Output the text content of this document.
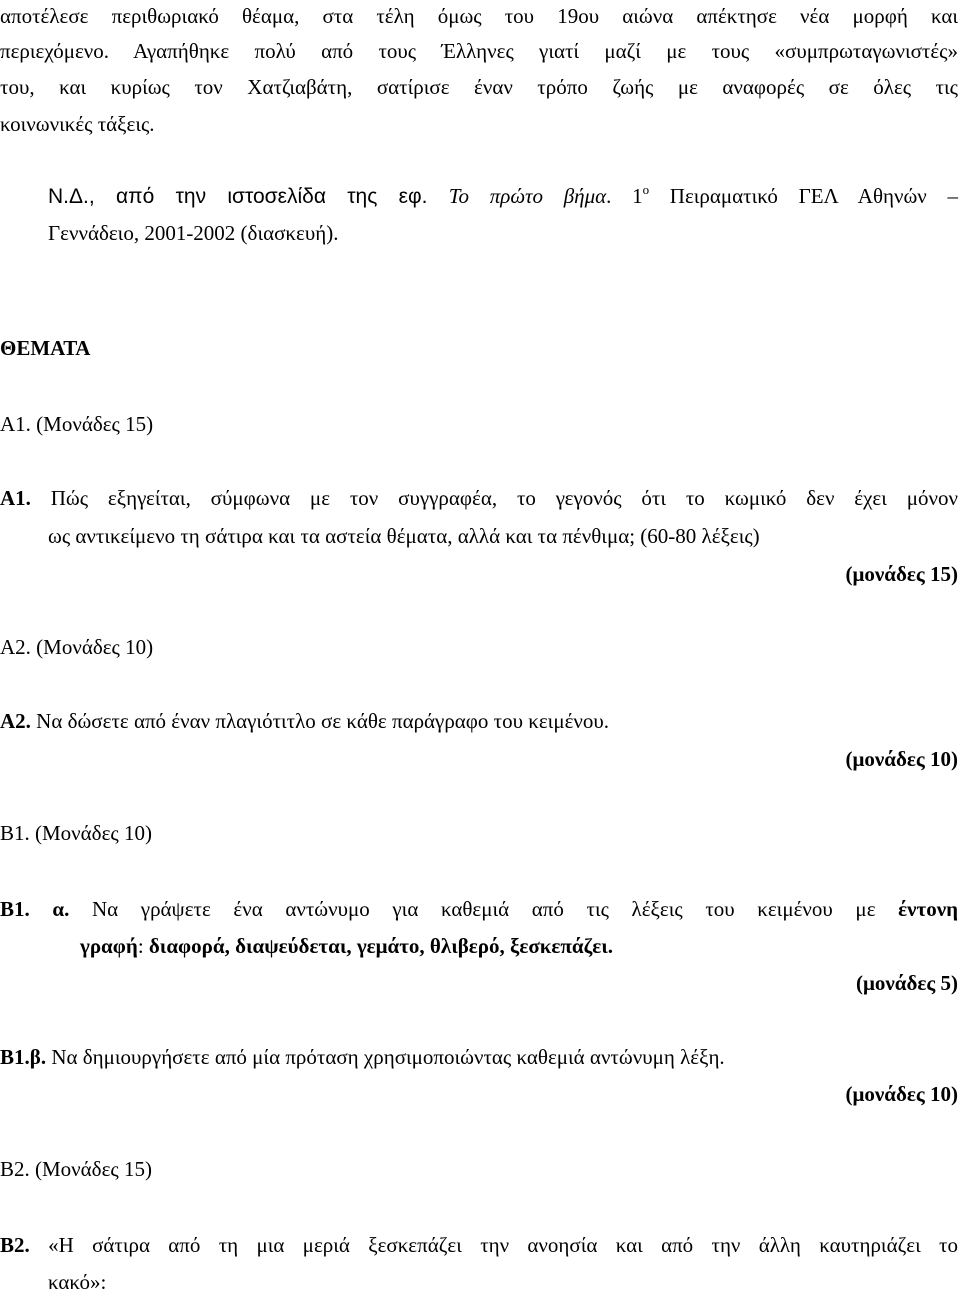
αποτέλεσε περιθωριακό θέαμα, στα τέλη όμως του 19ου αιώνα απέκτησε νέα μορφή και
περιεχόμενο. Αγαπήθηκε πολύ από τους Έλληνες γιατί μαζί με τους «συμπρωταγωνιστές»
του, και κυρίως τον Χατζιαβάτη, σατίρισε έναν τρόπο ζωής με αναφορές σε όλες τις
κοινωνικές τάξεις.
Ν.Δ., από την ιστοσελίδα της εφ. Το πρώτο βήμα. $1^o$ Πειραματικό ΓΕΛ Αθηνών –
Γεννάδειο, 2001-2002 (διασκευή).
ΘΕΜΑΤΑ
Α1. (Μονάδες 15)
Α1. Πώς εξηγείται, σύμφωνα με τον συγγραφέα, το γεγονός ότι το κωμικό δεν έχει μόνον
ως αντικείμενο τη σάτιρα και τα αστεία θέματα, αλλά και τα πένθιμα; (60-80 λέξεις)
(μονάδες 15)
Α2. (Μονάδες 10)
Α2. Να δώσετε από έναν πλαγιότιτλο σε κάθε παράγραφο του κειμένου.
(μονάδες 10)
Β1. (Μονάδες 10)
Β1. α. Να γράψετε ένα αντώνυμο για καθεμιά από τις λέξεις του κειμένου με έντονη
γραφή: διαφορά, διαψεύδεται, γεμάτο, θλιβερό, ξεσκεπάζει.
(μονάδες 5)
Β1.β. Να δημιουργήσετε από μία πρόταση χρησιμοποιώντας καθεμιά αντώνυμη λέξη.
(μονάδες 10)
Β2. (Μονάδες 15)
Β2. «Η σάτιρα από τη μια μεριά ξεσκεπάζει την ανοησία και από την άλλη καυτηριάζει το
κακό»:
